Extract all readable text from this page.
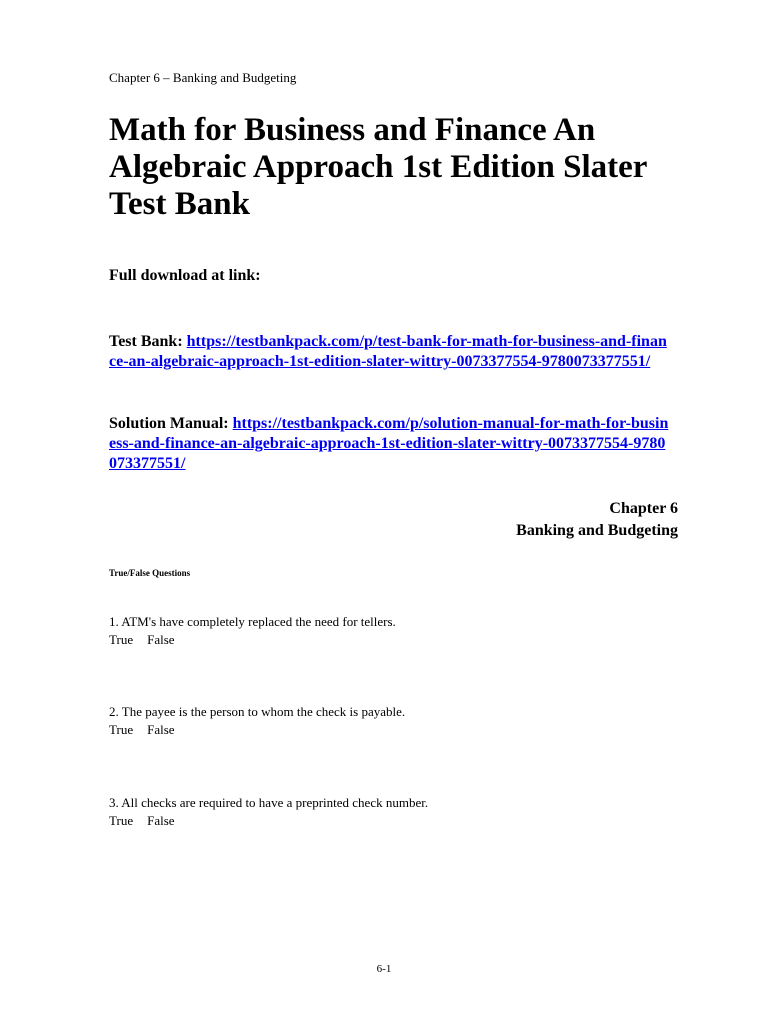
Chapter 6 – Banking and Budgeting
Math for Business and Finance An Algebraic Approach 1st Edition Slater Test Bank
Full download at link:
Test Bank: https://testbankpack.com/p/test-bank-for-math-for-business-and-finance-an-algebraic-approach-1st-edition-slater-wittry-0073377554-9780073377551/
Solution Manual: https://testbankpack.com/p/solution-manual-for-math-for-business-and-finance-an-algebraic-approach-1st-edition-slater-wittry-0073377554-9780073377551/
Chapter 6
Banking and Budgeting
True/False Questions
1. ATM's have completely replaced the need for tellers.
True False
2. The payee is the person to whom the check is payable.
True False
3. All checks are required to have a preprinted check number.
True False
6-1
